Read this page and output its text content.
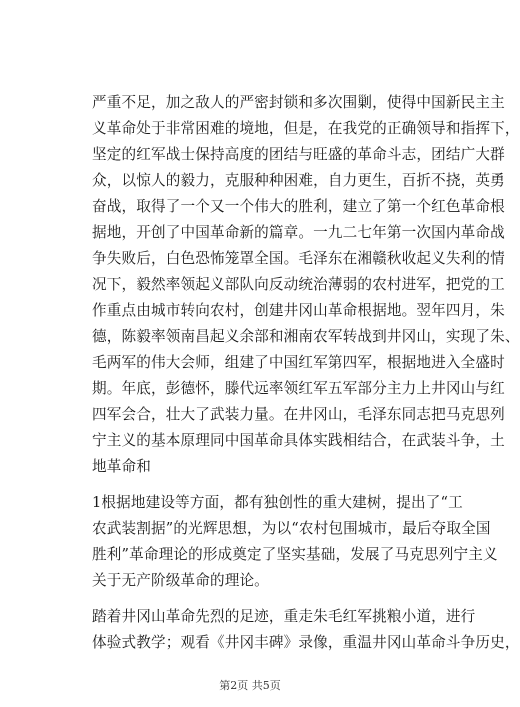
严重不足，加之敌人的严密封锁和多次围剿，使得中国新民主主
义革命处于非常困难的境地，但是，在我党的正确领导和指挥下，
坚定的红军战士保持高度的团结与旺盛的革命斗志，团结广大群
众，以惊人的毅力，克服种种困难，自力更生，百折不挠，英勇
奋战，取得了一个又一个伟大的胜利，建立了第一个红色革命根
据地，开创了中国革命新的篇章。一九二七年第一次国内革命战
争失败后，白色恐怖笼罩全国。毛泽东在湘赣秋收起义失利的情
况下，毅然率领起义部队向反动统治薄弱的农村进军，把党的工
作重点由城市转向农村，创建井冈山革命根据地。翌年四月，朱
德，陈毅率领南昌起义余部和湘南农军转战到井冈山，实现了朱、
毛两军的伟大会师，组建了中国红军第四军，根据地进入全盛时
期。年底，彭德怀，滕代远率领红军五军部分主力上井冈山与红
四军会合，壮大了武装力量。在井冈山，毛泽东同志把马克思列
宁主义的基本原理同中国革命具体实践相结合，在武装斗争，土
地革命和
1根据地建设等方面，都有独创性的重大建树，提出了“工
农武装割据”的光辉思想，为以“农村包围城市，最后夺取全国
胜利”革命理论的形成奠定了坚实基础，发展了马克思列宁主义
关于无产阶级革命的理论。
踏着井冈山革命先烈的足迹，重走朱毛红军挑粮小道，进行
体验式教学；观看《井冈丰碑》录像，重温井冈山革命斗争历史，
第2页 共5页
